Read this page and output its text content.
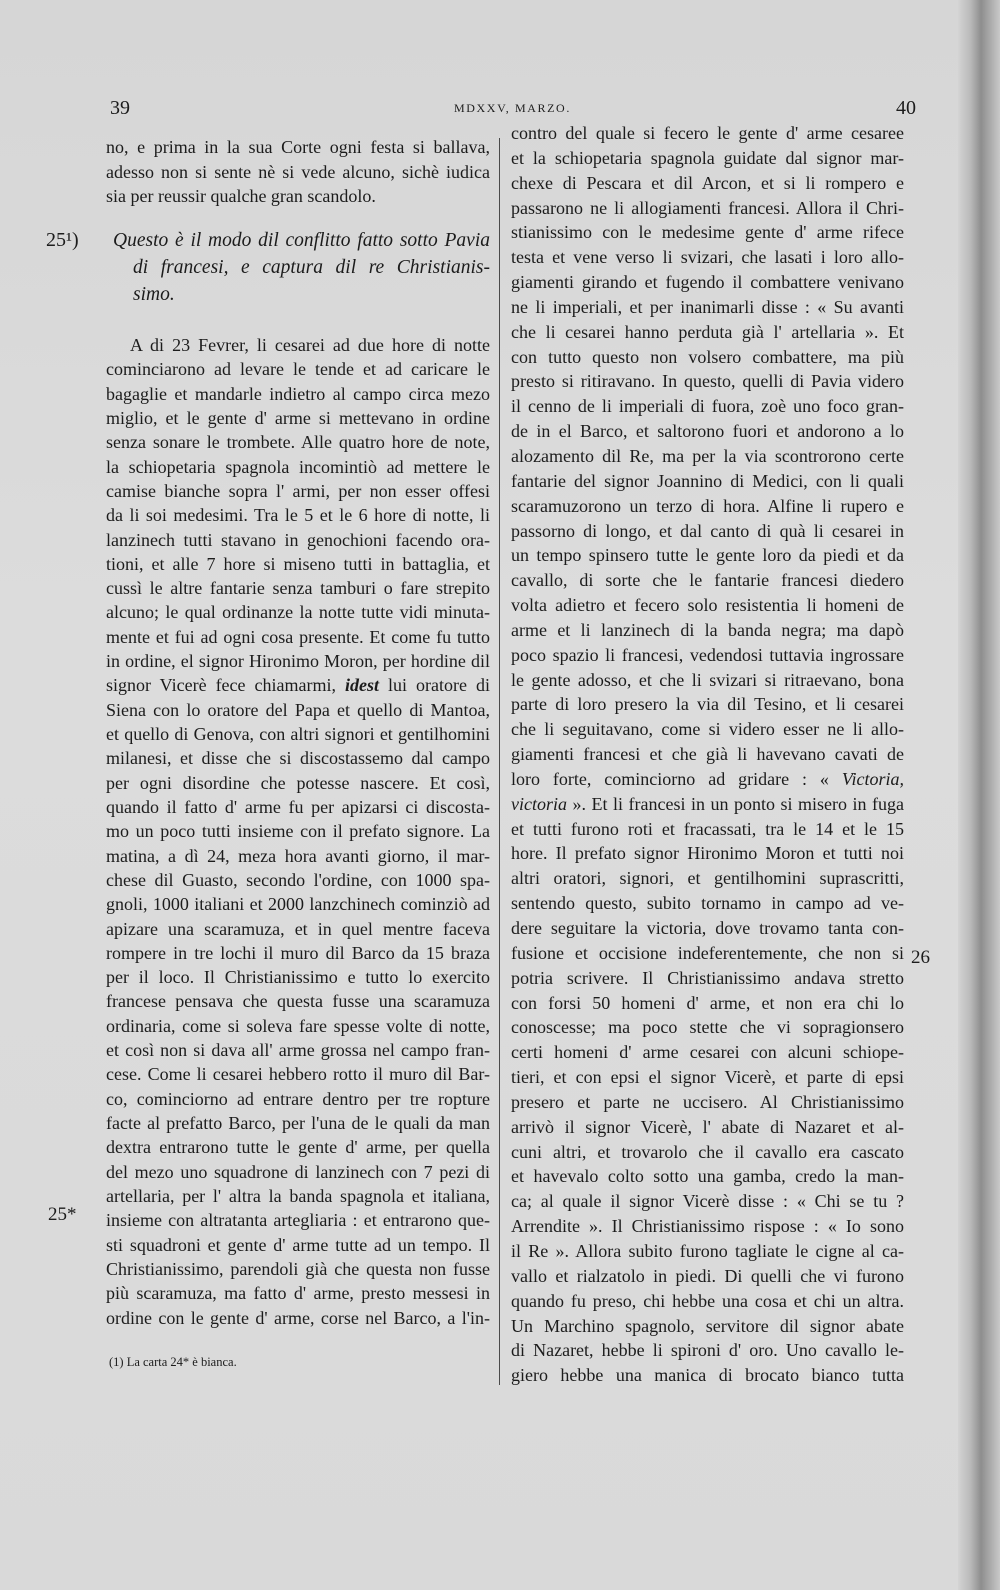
39	MDXXV, MARZO.	40
no, e prima in la sua Corte ogni festa si ballava,
adesso non si sente nè si vede alcuno, sichè iudica
sia per reussir qualche gran scandolo.
25¹) Questo è il modo dil conflitto fatto sotto Pavia
di francesi, e captura dil re Christianis-
simo.
A di 23 Fevrer, li cesarei ad due hore di notte
cominciarono ad levare le tende et ad caricare le
bagaglie et mandarle indietro al campo circa mezo
miglio, et le gente d' arme si mettevano in ordine
senza sonare le trombete. Alle quatro hore de note,
la schiopetaria spagnola incomintiò ad mettere le
camise bianche sopra l' armi, per non esser offesi
da li soi medesimi. Tra le 5 et le 6 hore di notte, li
lanzinech tutti stavano in genochioni facendo ora-
tioni, et alle 7 hore si miseno tutti in battaglia, et
cussì le altre fantarie senza tamburi o fare strepito
alcuno; le qual ordinanze la notte tutte vidi minuta-
mente et fui ad ogni cosa presente. Et come fu tutto
in ordine, el signor Hironimo Moron, per hordine dil
signor Vicerè fece chiamarmi, idest lui oratore di
Siena con lo oratore del Papa et quello di Mantoa,
et quello di Genova, con altri signori et gentilhomini
milanesi, et disse che si discostassemo dal campo
per ogni disordine che potesse nascere. Et così,
quando il fatto d' arme fu per apizarsi ci discosta-
mo un poco tutti insieme con il prefato signore. La
matina, a dì 24, meza hora avanti giorno, il mar-
chese dil Guasto, secondo l'ordine, con 1000 spa-
gnoli, 1000 italiani et 2000 lanzchinech cominziò ad
apizare una scaramuza, et in quel mentre faceva
rompere in tre lochi il muro dil Barco da 15 braza
per il loco. Il Christianissimo e tutto lo exercito
francese pensava che questa fusse una scaramuza
ordinaria, come si soleva fare spesse volte di notte,
et così non si dava all' arme grossa nel campo fran-
cese. Come li cesarei hebbero rotto il muro dil Bar-
co, cominciorno ad entrare dentro per tre ropture
facte al prefatto Barco, per l'una de le quali da man
dextra entrarono tutte le gente d' arme, per quella
del mezo uno squadrone di lanzinech con 7 pezi di
artellaria, per l' altra la banda spagnola et italiana,
insieme con altratanta artegliaria : et entrarono que-
sti squadroni et gente d' arme tutte ad un tempo. Il
Christianissimo, parendoli già che questa non fusse
più scaramuza, ma fatto d' arme, presto messesi in
ordine con le gente d' arme, corse nel Barco, a l'in-
25*
(1) La carta 24* è bianca.
contro del quale si fecero le gente d' arme cesaree
et la schiopetaria spagnola guidate dal signor mar-
chexe di Pescara et dil Arcon, et si li rompero e
passarono ne li allogiamenti francesi. Allora il Chri-
stianissimo con le medesime gente d' arme rifece
testa et vene verso li svizari, che lasati i loro allo-
giamenti girando et fugendo il combattere venivano
ne li imperiali, et per inanimarli disse : « Su avanti
che li cesarei hanno perduta già l' artellaria ». Et
con tutto questo non volsero combattere, ma più
presto si ritiravano. In questo, quelli di Pavia videro
il cenno de li imperiali di fuora, zoè uno foco gran-
de in el Barco, et saltorono fuori et andorono a lo
alozamento dil Re, ma per la via scontrorono certe
fantarie del signor Joannino di Medici, con li quali
scaramuzorono un terzo di hora. Alfine li rupero e
passorno di longo, et dal canto di quà li cesarei in
un tempo spinsero tutte le gente loro da piedi et da
cavallo, di sorte che le fantarie francesi diedero
volta adietro et fecero solo resistentia li homeni de
arme et li lanzinech di la banda negra; ma dapò
poco spazio li francesi, vedendosi tuttavia ingrossare
le gente adosso, et che li svizari si ritraevano, bona
parte di loro presero la via dil Tesino, et li cesarei
che li seguitavano, come si videro esser ne li allo-
giamenti francesi et che già li havevano cavati de
loro forte, cominciorno ad gridare : « Victoria,
victoria ». Et li francesi in un ponto si misero in fuga
et tutti furono roti et fracassati, tra le 14 et le 15
hore. Il prefato signor Hironimo Moron et tutti noi
altri oratori, signori, et gentilhomini suprascritti,
sentendo questo, subito tornamo in campo ad ve-
dere seguitare la victoria, dove trovamo tanta con-
fusione et occisione indeferentemente, che non si
potria scrivere. Il Christianissimo andava stretto
con forsi 50 homeni d' arme, et non era chi lo
conoscesse; ma poco stette che vi sopragionsero
certi homeni d' arme cesarei con alcuni schiope-
tieri, et con epsi el signor Vicerè, et parte di epsi
presero et parte ne uccisero. Al Christianissimo
arrivò il signor Vicerè, l' abate di Nazaret et al-
cuni altri, et trovarolo che il cavallo era cascato
et havevalo colto sotto una gamba, credo la man-
ca; al quale il signor Vicerè disse : « Chi se tu ?
Arrendite ». Il Christianissimo rispose : « Io sono
il Re ». Allora subito furono tagliate le cigne al ca-
vallo et rialzatolo in piedi. Di quelli che vi furono
quando fu preso, chi hebbe una cosa et chi un altra.
Un Marchino spagnolo, servitore dil signor abate
di Nazaret, hebbe li spironi d' oro. Uno cavallo le-
giero hebbe una manica di brocato bianco tutta
26
